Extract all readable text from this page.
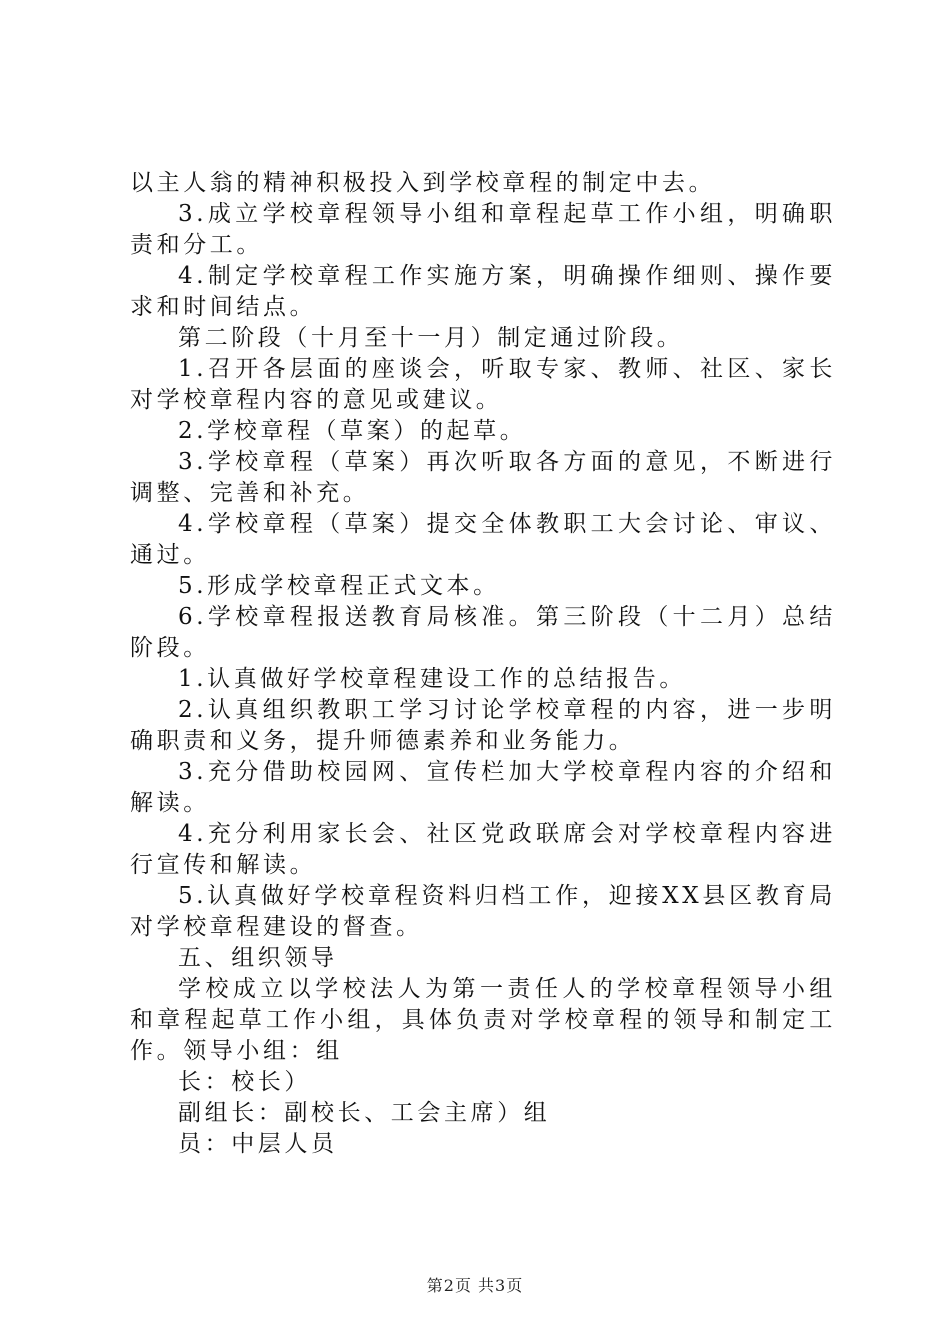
以主人翁的精神积极投入到学校章程的制定中去。

3.成立学校章程领导小组和章程起草工作小组，明确职责和分工。

4.制定学校章程工作实施方案，明确操作细则、操作要求和时间结点。

第二阶段（十月至十一月）制定通过阶段。

1.召开各层面的座谈会，听取专家、教师、社区、家长对学校章程内容的意见或建议。

2.学校章程（草案）的起草。

3.学校章程（草案）再次听取各方面的意见，不断进行调整、完善和补充。

4.学校章程（草案）提交全体教职工大会讨论、审议、通过。

5.形成学校章程正式文本。

6.学校章程报送教育局核准。第三阶段（十二月）总结阶段。

1.认真做好学校章程建设工作的总结报告。

2.认真组织教职工学习讨论学校章程的内容，进一步明确职责和义务，提升师德素养和业务能力。

3.充分借助校园网、宣传栏加大学校章程内容的介绍和解读。

4.充分利用家长会、社区党政联席会对学校章程内容进行宣传和解读。

5.认真做好学校章程资料归档工作，迎接XX县区教育局对学校章程建设的督查。

五、组织领导

学校成立以学校法人为第一责任人的学校章程领导小组和章程起草工作小组，具体负责对学校章程的领导和制定工作。领导小组：组

长：校长）

副组长：副校长、工会主席）组

员：中层人员

第2页 共3页
